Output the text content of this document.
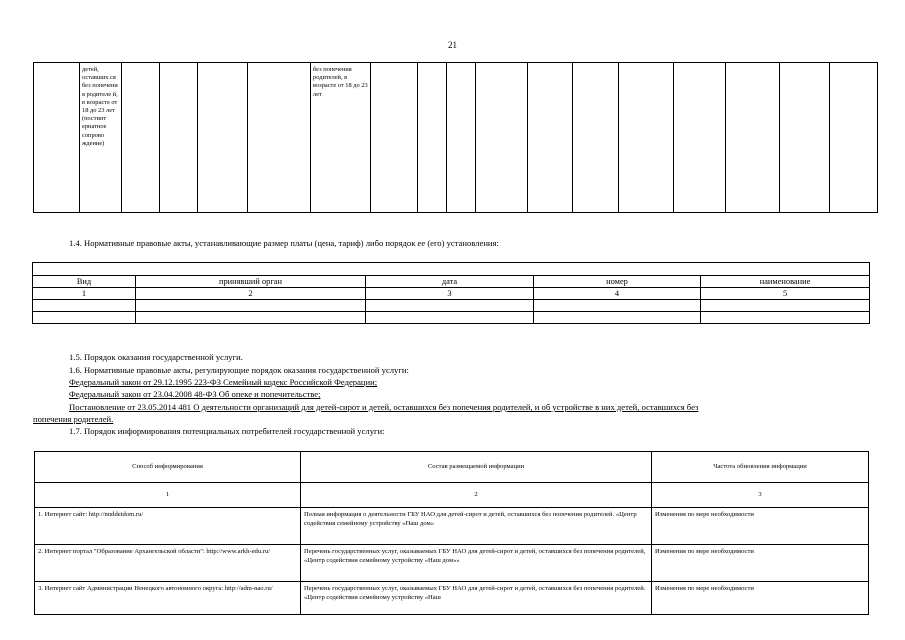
21
	детей, оставших ся без попечени я родителе й, в возрасте от 18 до 23 лет (постинт ернатное сопрово ждение)					без попечения родителей, в возрасте от 18 до 23 лет											
1.4. Нормативные правовые акты, устанавливающие размер платы (цена, тариф) либо порядок ее (его) установления:

Вид	принявший орган	дата	номер	наименование
1	2	3	4	5

1.5. Порядок оказания государственной услуги.
1.6. Нормативные правовые акты, регулирующие порядок оказания государственной услуги:
Федеральный закон от 29.12.1995 223-ФЗ Семейный кодекс Российской Федерации;
Федеральный закон от 23.04.2008 48-ФЗ Об опеке и попечительстве;
Постановление от 23.05.2014 481 О деятельности организаций для детей-сирот и детей, оставшихся без попечения родителей, и об устройстве в них детей, оставшихся без
попечения родителей.
1.7. Порядок информирования потенциальных потребителей государственной услуги:
Способ информирования	Состав размещаемой информации	Частота обновления информации
1	2	3
1. Интернет сайт: http://nnddetdom.ru/	Полная информация о деятельности ГБУ НАО для детей-сирот и детей, оставшихся без попечения родителей. «Центр содействия семейному устройству «Наш дом»	Изменения по мере необходимости
2. Интернет портал "Образование Архангельской области": http://www.arkh-edu.ru/	Перечень государственных услуг, оказываемых ГБУ НАО для детей-сирот и детей, оставшихся без попечения родителей, «Центр содействия семейному устройству «Наш дом»»	Изменения по мере необходимости
3. Интернет сайт Администрации Ненецкого автономного округа: http://adm-nao.ru/	Перечень государственных услуг, оказываемых ГБУ НАО для детей-сирот и детей, оставшихся без попечения родителей. «Центр содействия семейному устройству «Наш	Изменения по мере необходимости
